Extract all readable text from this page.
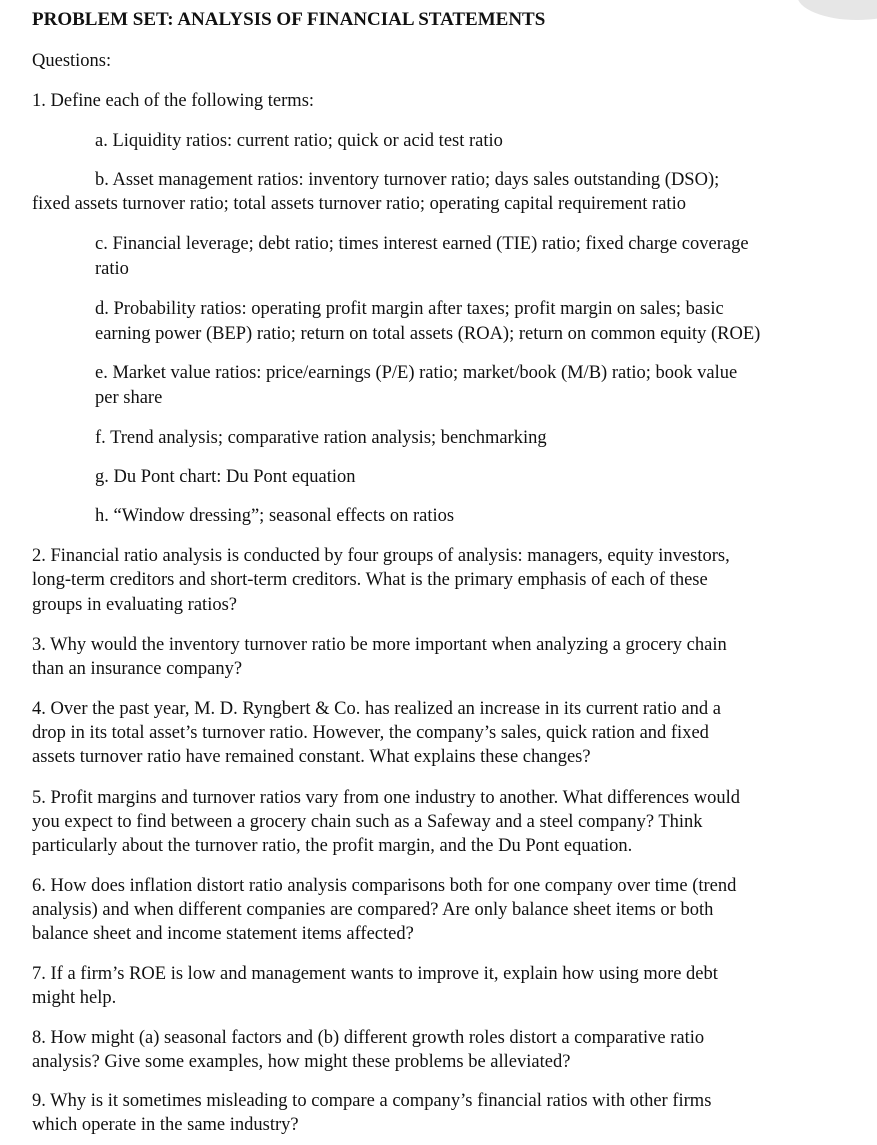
PROBLEM SET: ANALYSIS OF FINANCIAL STATEMENTS
Questions:
1. Define each of the following terms:
a. Liquidity ratios: current ratio; quick or acid test ratio
b. Asset management ratios: inventory turnover ratio; days sales outstanding (DSO);
fixed assets turnover ratio; total assets turnover ratio; operating capital requirement ratio
c. Financial leverage; debt ratio; times interest earned (TIE) ratio; fixed charge coverage
ratio
d. Probability ratios: operating profit margin after taxes; profit margin on sales; basic
earning power (BEP) ratio; return on total assets (ROA); return on common equity (ROE)
e. Market value ratios: price/earnings (P/E) ratio; market/book (M/B) ratio; book value
per share
f. Trend analysis; comparative ration analysis; benchmarking
g. Du Pont chart: Du Pont equation
h. “Window dressing”; seasonal effects on ratios
2. Financial ratio analysis is conducted by four groups of analysis: managers, equity investors,
long-term creditors and short-term creditors. What is the primary emphasis of each of these
groups in evaluating ratios?
3. Why would the inventory turnover ratio be more important when analyzing a grocery chain
than an insurance company?
4. Over the past year, M. D. Ryngbert & Co. has realized an increase in its current ratio and a
drop in its total asset’s turnover ratio. However, the company’s sales, quick ration and fixed
assets turnover ratio have remained constant. What explains these changes?
5. Profit margins and turnover ratios vary from one industry to another. What differences would
you expect to find between a grocery chain such as a Safeway and a steel company? Think
particularly about the turnover ratio, the profit margin, and the Du Pont equation.
6. How does inflation distort ratio analysis comparisons both for one company over time (trend
analysis) and when different companies are compared? Are only balance sheet items or both
balance sheet and income statement items affected?
7. If a firm’s ROE is low and management wants to improve it, explain how using more debt
might help.
8. How might (a) seasonal factors and (b) different growth roles distort a comparative ratio
analysis? Give some examples, how might these problems be alleviated?
9. Why is it sometimes misleading to compare a company’s financial ratios with other firms
which operate in the same industry?
